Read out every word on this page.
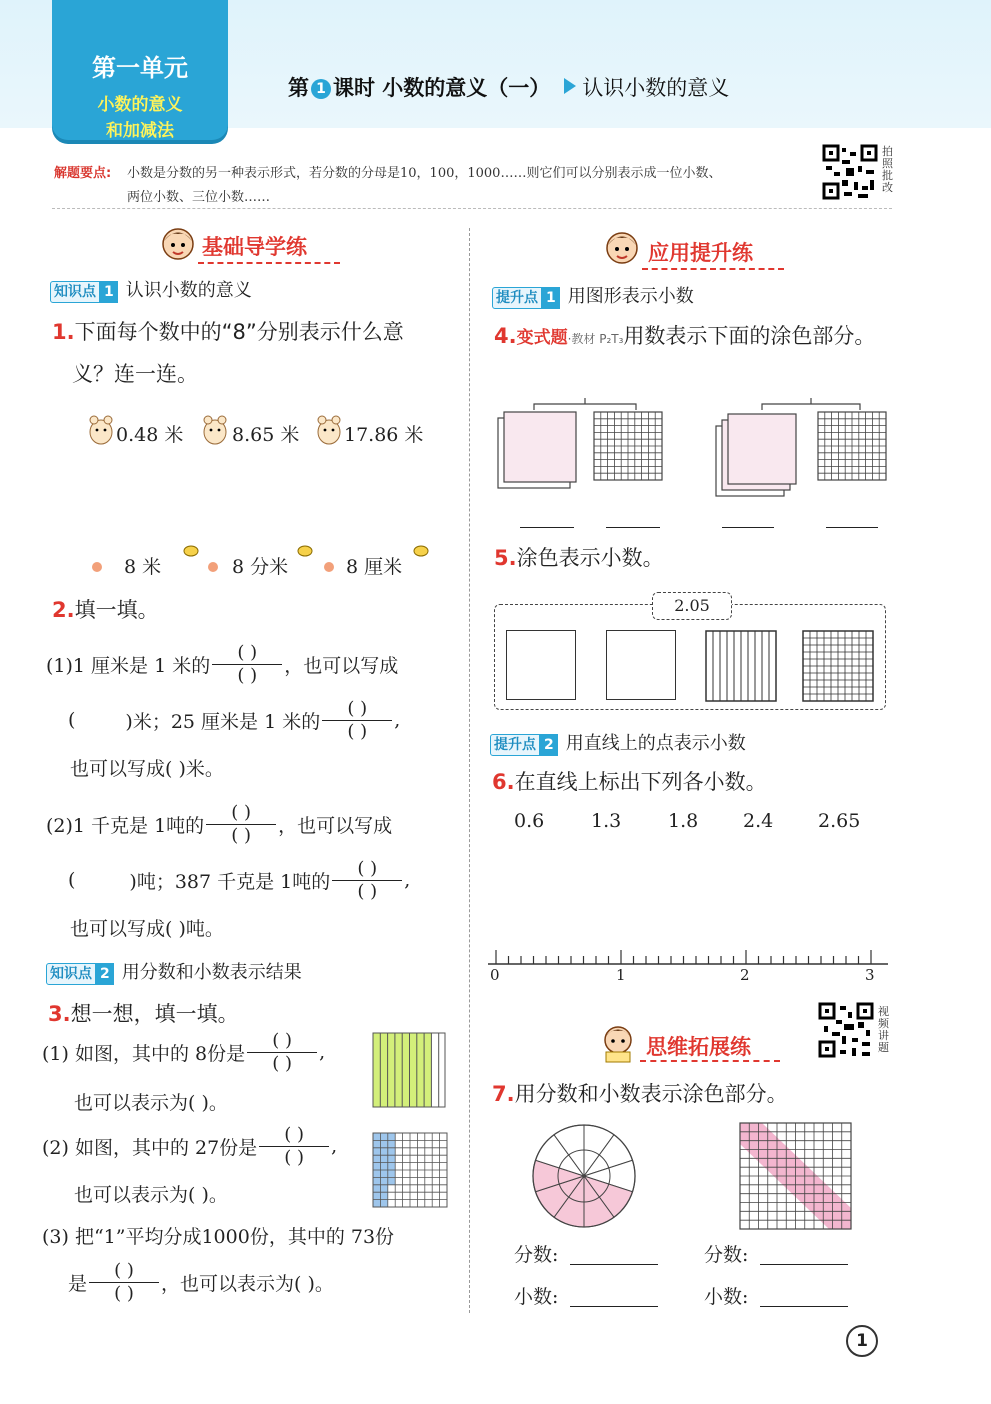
第一单元
小数的意义
和加减法
第 1 课时 小数的意义（一） 认识小数的意义
解题要点: 小数是分数的另一种表示形式，若分数的分母是10，100，1000……则它们可以分别表示成一位小数、
两位小数、三位小数……
拍
照
批
改
基础导学练
知识点 1 认识小数的意义
1.下面每个数中的“8”分别表示什么意
义？连一连。
0.48 米	8.65 米 17.86 米
8 米	8 分米	8 厘米
2.填一填。
(1)1 厘米是 1 米的 $\frac{( )}{( )}$ ，也可以写成
(	)米；25 厘米是 1 米的 $\frac{( )}{( )}$ ,
也可以写成( )米。
(2)1 千克是 1吨的 $\frac{( )}{( )}$ ，也可以写成
(	)吨；387 千克是 1吨的 $\frac{( )}{( )}$ ,
也可以写成( )吨。
知识点 2 用分数和小数表示结果
3.想一想，填一填。
(1) 如图，其中的 8份是 $\frac{( )}{( )}$ ,
也可以表示为( )。
(2) 如图，其中的 27份是 $\frac{( )}{( )}$ ,
也可以表示为( )。
(3) 把“1”平均分成1000份，其中的 73份
是 $\frac{( )}{( )}$ ，也可以表示为( )。
应用提升练
提升点 1 用图形表示小数
4.变式题·教材 P₂T₃用数表示下面的涂色部分。
5.涂色表示小数。
2.05
提升点 2 用直线上的点表示小数
6.在直线上标出下列各小数。
0.6 1.3 1.8 2.4 2.65
0	1	2	3
视
频
讲
题
思维拓展练
7.用分数和小数表示涂色部分。
分数:	分数:
小数:	小数:
1
